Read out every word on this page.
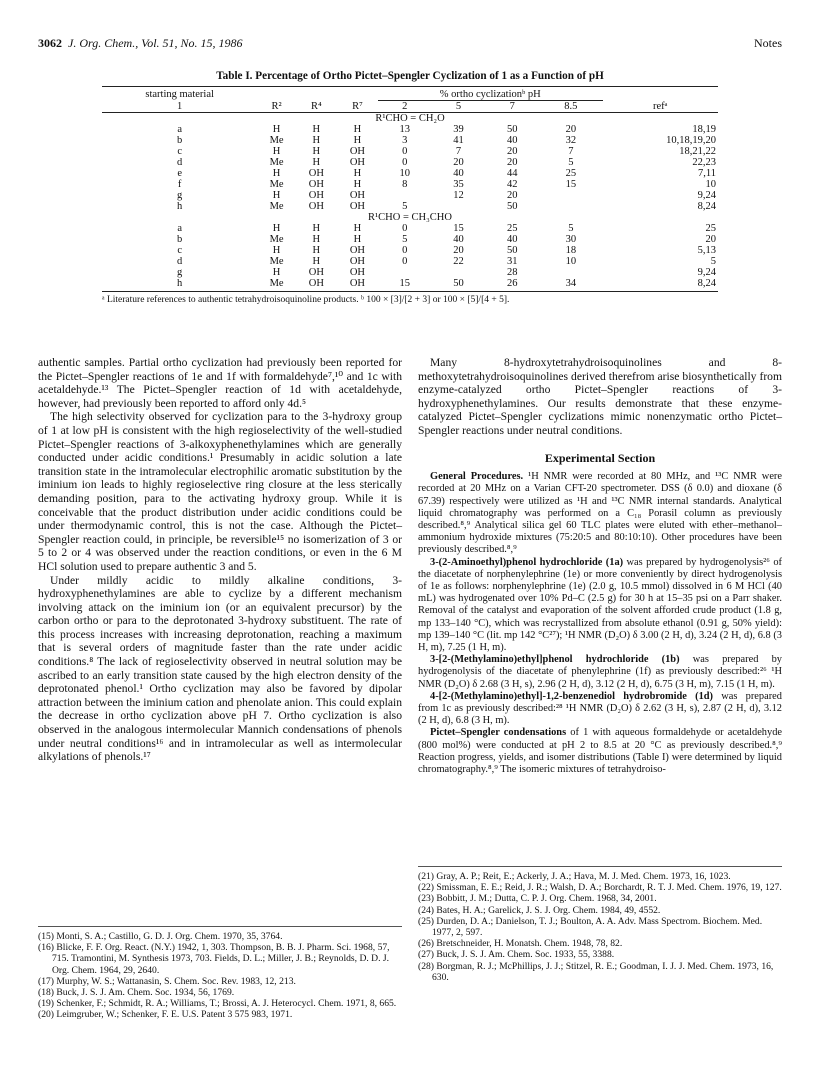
3062 J. Org. Chem., Vol. 51, No. 15, 1986	Notes
Table I. Percentage of Ortho Pictet–Spengler Cyclization of 1 as a Function of pH
starting material				% ortho cyclizationᵇ pH				
1	R²	R⁴	R⁷	2	5	7	8.5	refᵃ
R¹CHO = CH₂O								
a	H	H	H	13	39	50	20	18,19
b	Me	H	H	3	41	40	32	10,18,19,20
c	H	H	OH	0	7	20	7	18,21,22
d	Me	H	OH	0	20	20	5	22,23
e	H	OH	H	10	40	44	25	7,11
f	Me	OH	H	8	35	42	15	10
g	H	OH	OH		12	20		9,24
h	Me	OH	OH	5		50		8,24
R¹CHO = CH₃CHO								
a	H	H	H	0	15	25	5	25
b	Me	H	H	5	40	40	30	20
c	H	H	OH	0	20	50	18	5,13
d	Me	H	OH	0	22	31	10	5
g	H	OH	OH			28		9,24
h	Me	OH	OH	15	50	26	34	8,24
ᵃ Literature references to authentic tetrahydroisoquinoline products. ᵇ 100 × [3]/[2 + 3] or 100 × [5]/[4 + 5].

authentic samples. Partial ortho cyclization had previously been reported for the Pictet–Spengler reactions of 1e and 1f with formaldehyde⁷,¹⁰ and 1c with acetaldehyde.¹³ The Pictet–Spengler reaction of 1d with acetaldehyde, however, had previously been reported to afford only 4d.⁵

The high selectivity observed for cyclization para to the 3-hydroxy group of 1 at low pH is consistent with the high regioselectivity of the well-studied Pictet–Spengler reactions of 3-alkoxyphenethylamines which are generally conducted under acidic conditions.¹ Presumably in acidic solution a late transition state in the intramolecular electrophilic aromatic substitution by the iminium ion leads to highly regioselective ring closure at the less sterically demanding position, para to the activating hydroxy group. While it is conceivable that the product distribution under acidic conditions could be under thermodynamic control, this is not the case. Although the Pictet–Spengler reaction could, in principle, be reversible¹⁵ no isomerization of 3 or 5 to 2 or 4 was observed under the reaction conditions, or even in the 6 M HCl solution used to prepare authentic 3 and 5.

Under mildly acidic to mildly alkaline conditions, 3-hydroxyphenethylamines are able to cyclize by a different mechanism involving attack on the iminium ion (or an equivalent precursor) by the carbon ortho or para to the deprotonated 3-hydroxy substituent. The rate of this process increases with increasing deprotonation, reaching a maximum that is several orders of magnitude faster than the rate under acidic conditions.⁸ The lack of regioselectivity observed in neutral solution may be ascribed to an early transition state caused by the high electron density of the deprotonated phenol.¹ Ortho cyclization may also be favored by dipolar attraction between the iminium cation and phenolate anion. This could explain the decrease in ortho cyclization above pH 7. Ortho cyclization is also observed in the analogous intermolecular Mannich condensations of phenols under neutral conditions¹⁶ and in intramolecular as well as intermolecular alkylations of phenols.¹⁷

Many 8-hydroxytetrahydroisoquinolines and 8-methoxytetrahydroisoquinolines derived therefrom arise biosynthetically from enzyme-catalyzed ortho Pictet–Spengler reactions of 3-hydroxyphenethylamines. Our results demonstrate that these enzyme-catalyzed Pictet–Spengler cyclizations mimic nonenzymatic ortho Pictet–Spengler reactions under neutral conditions.

Experimental Section

General Procedures. ¹H NMR were recorded at 80 MHz, and ¹³C NMR were recorded at 20 MHz on a Varian CFT-20 spectrometer. DSS (δ 0.0) and dioxane (δ 67.39) respectively were utilized as ¹H and ¹³C NMR internal standards. Analytical liquid chromatography was performed on a C₁₈ Porasil column as previously described.⁸,⁹ Analytical silica gel 60 TLC plates were eluted with ether–methanol–ammonium hydroxide mixtures (75:20:5 and 80:10:10). Other procedures have been previously described.⁸,⁹

3-(2-Aminoethyl)phenol hydrochloride (1a) was prepared by hydrogenolysis²⁶ of the diacetate of norphenylephrine (1e) or more conveniently by direct hydrogenolysis of 1e as follows: norphenylephrine (1e) (2.0 g, 10.5 mmol) dissolved in 6 M HCl (40 mL) was hydrogenated over 10% Pd–C (2.5 g) for 30 h at 15–35 psi on a Parr shaker. Removal of the catalyst and evaporation of the solvent afforded crude product (1.8 g, mp 133–140 °C), which was recrystallized from absolute ethanol (0.91 g, 50% yield): mp 139–140 °C (lit. mp 142 °C²⁷); ¹H NMR (D₂O) δ 3.00 (2 H, d), 3.24 (2 H, d), 6.8 (3 H, m), 7.25 (1 H, m).

3-[2-(Methylamino)ethyl]phenol hydrochloride (1b) was prepared by hydrogenolysis of the diacetate of phenylephrine (1f) as previously described:²⁶ ¹H NMR (D₂O) δ 2.68 (3 H, s), 2.96 (2 H, d), 3.12 (2 H, d), 6.75 (3 H, m), 7.15 (1 H, m).

4-[2-(Methylamino)ethyl]-1,2-benzenediol hydrobromide (1d) was prepared from 1c as previously described:²⁸ ¹H NMR (D₂O) δ 2.62 (3 H, s), 2.87 (2 H, d), 3.12 (2 H, d), 6.8 (3 H, m).

Pictet–Spengler condensations of 1 with aqueous formaldehyde or acetaldehyde (800 mol%) were conducted at pH 2 to 8.5 at 20 °C as previously described.⁸,⁹ Reaction progress, yields, and isomer distributions (Table I) were determined by liquid chromatography.⁸,⁹ The isomeric mixtures of tetrahydroiso-

(15) Monti, S. A.; Castillo, G. D. J. Org. Chem. 1970, 35, 3764.
(16) Blicke, F. F. Org. React. (N.Y.) 1942, 1, 303. Thompson, B. B. J. Pharm. Sci. 1968, 57, 715. Tramontini, M. Synthesis 1973, 703. Fields, D. L.; Miller, J. B.; Reynolds, D. D. J. Org. Chem. 1964, 29, 2640.
(17) Murphy, W. S.; Wattanasin, S. Chem. Soc. Rev. 1983, 12, 213.
(18) Buck, J. S. J. Am. Chem. Soc. 1934, 56, 1769.
(19) Schenker, F.; Schmidt, R. A.; Williams, T.; Brossi, A. J. Heterocycl. Chem. 1971, 8, 665.
(20) Leimgruber, W.; Schenker, F. E. U.S. Patent 3 575 983, 1971.
(21) Gray, A. P.; Reit, E.; Ackerly, J. A.; Hava, M. J. Med. Chem. 1973, 16, 1023.
(22) Smissman, E. E.; Reid, J. R.; Walsh, D. A.; Borchardt, R. T. J. Med. Chem. 1976, 19, 127.
(23) Bobbitt, J. M.; Dutta, C. P. J. Org. Chem. 1968, 34, 2001.
(24) Bates, H. A.; Garelick, J. S. J. Org. Chem. 1984, 49, 4552.
(25) Durden, D. A.; Danielson, T. J.; Boulton, A. A. Adv. Mass Spectrom. Biochem. Med. 1977, 2, 597.
(26) Bretschneider, H. Monatsh. Chem. 1948, 78, 82.
(27) Buck, J. S. J. Am. Chem. Soc. 1933, 55, 3388.
(28) Borgman, R. J.; McPhillips, J. J.; Stitzel, R. E.; Goodman, I. J. J. Med. Chem. 1973, 16, 630.
